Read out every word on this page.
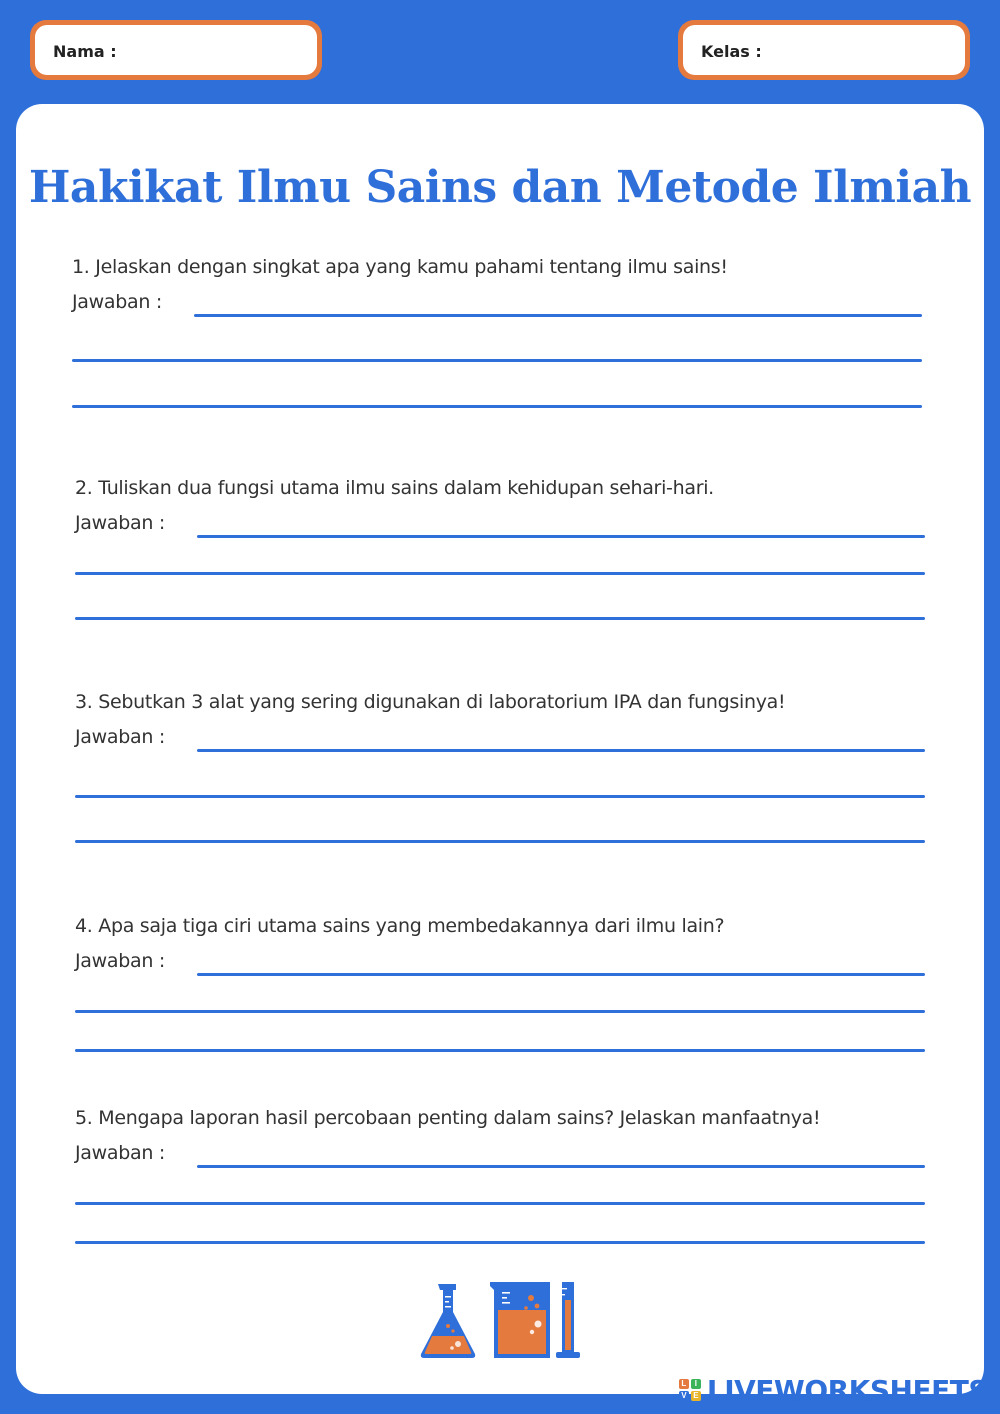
Nama :	Kelas :
Hakikat Ilmu Sains dan Metode Ilmiah
1. Jelaskan dengan singkat apa yang kamu pahami tentang ilmu sains!
Jawaban :
2. Tuliskan dua fungsi utama ilmu sains dalam kehidupan sehari-hari.
Jawaban :
3. Sebutkan 3 alat yang sering digunakan di laboratorium IPA dan fungsinya!
Jawaban :
4. Apa saja tiga ciri utama sains yang membedakannya dari ilmu lain?
Jawaban :
5. Mengapa laporan hasil percobaan penting dalam sains? Jelaskan manfaatnya!
Jawaban :
L	I
V E LIVEWORKSHEETS
